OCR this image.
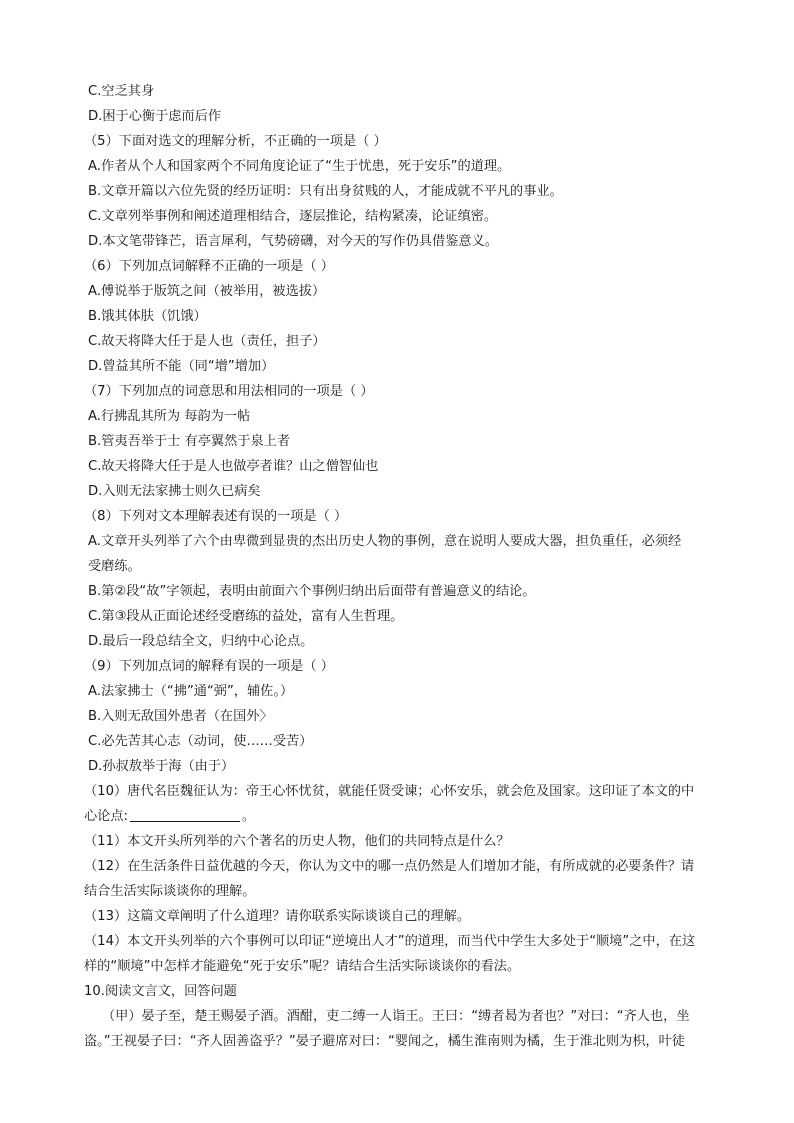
C.空乏其身
D.困于心衡于虑而后作
（5）下面对选文的理解分析，不正确的一项是（ ）
A.作者从个人和国家两个不同角度论证了“生于忧患，死于安乐”的道理。
B.文章开篇以六位先贤的经历证明：只有出身贫贱的人，才能成就不平凡的事业。
C.文章列举事例和阐述道理相结合，逐层推论，结构紧凑，论证缜密。
D.本文笔带锋芒，语言犀利，气势磅礴，对今天的写作仍具借鉴意义。
（6）下列加点词解释不正确的一项是（ ）
A.傅说举于版筑之间（被举用，被选拔）
B.饿其体肤（饥饿）
C.故天将降大任于是人也（责任，担子）
D.曾益其所不能（同“增”增加）
（7）下列加点的词意思和用法相同的一项是（ ）
A.行拂乱其所为 每韵为一帖
B.管夷吾举于士 有亭翼然于泉上者
C.故天将降大任于是人也做亭者谁？山之僧智仙也
D.入则无法家拂士则久已病矣
（8）下列对文本理解表述有误的一项是（ ）
A.文章开头列举了六个由卑微到显贵的杰出历史人物的事例，意在说明人要成大器，担负重任，必须经
受磨练。
B.第②段“故”字领起，表明由前面六个事例归纳出后面带有普遍意义的结论。
C.第③段从正面论述经受磨练的益处，富有人生哲理。
D.最后一段总结全文，归纳中心论点。
（9）下列加点词的解释有误的一项是（ ）
A.法家拂士（“拂”通“弼”，辅佐。）
B.入则无敌国外患者（在国外〉
C.必先苦其心志（动词，使……受苦）
D.孙叔敖举于海（由于）
（10）唐代名臣魏征认为：帝王心怀忧贫，就能任贤受谏；心怀安乐，就会危及国家。这印证了本文的中
心论点:	。
（11）本文开头所列举的六个著名的历史人物，他们的共同特点是什么？
（12）在生活条件日益优越的今天，你认为文中的哪一点仍然是人们增加才能，有所成就的必要条件？请
结合生活实际谈谈你的理解。
（13）这篇文章阐明了什么道理？请你联系实际谈谈自己的理解。
（14）本文开头列举的六个事例可以印证“逆境出人才”的道理，而当代中学生大多处于“顺境”之中，在这
样的“顺境”中怎样才能避免“死于安乐”呢？请结合生活实际谈谈你的看法。
10.阅读文言文，回答问题
（甲）晏子至，楚王赐晏子酒。酒酣，吏二缚一人诣王。王曰：“缚者曷为者也？”对曰：“齐人也，坐
盗。”王视晏子曰：“齐人固善盗乎？”晏子避席对曰：“婴闻之，橘生淮南则为橘，生于淮北则为枳，叶徒
